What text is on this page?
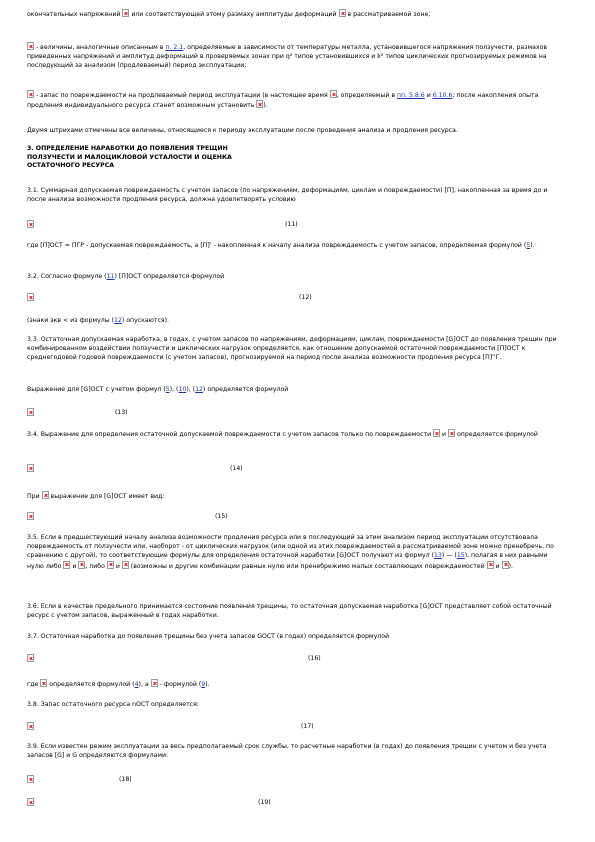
окончательных напряжений или соответствующей этому размаху амплитуды деформаций в рассматриваемой зоне;
- величины, аналогичные описанным в п. 2.1, определяемые в зависимости от температуры металла, установившегося напряжения ползучести, размахов приведенных напряжений и амплитуд деформаций в проверяемых зонах при q² типов установившихся и k² типов циклических прогнозируемых режимов на последующий за анализом (продлеваемый) период эксплуатации;
- запас по повреждаемости на продлеваемый период эксплуатации (в настоящее время , определяемый в пп. 5.8.6 и 6.10.6; после накопления опыта продления индивидуального ресурса станет возможным установить ).
Двумя штрихами отмечены все величины, относящиеся к периоду эксплуатации после проведения анализа и продления ресурса.
3. ОПРЕДЕЛЕНИЕ НАРАБОТКИ ДО ПОЯВЛЕНИЯ ТРЕЩИН
ПОЛЗУЧЕСТИ И МАЛОЦИКЛОВОЙ УСТАЛОСТИ И ОЦЕНКА
ОСТАТОЧНОГО РЕСУРСА
3.1. Суммарная допускаемая повреждаемость с учетом запасов (по напряжениям, деформациям, циклам и повреждаемости) [П], накопленная за время до и после анализа возможности продления ресурса, должна удовлетворять условию
(11)
где [П]ОСТ = ПГР - допускаемая повреждаемость, а [П]' - накопленная к началу анализа повреждаемость с учетом запасов, определяемая формулой (5).
3.2. Согласно формуле (11) [П]ОСТ определяется формулой
(12)
(знаки экв < из формулы (12) опускаются).
3.3. Остаточная допускаемая наработка, в годах, с учетом запасов по напряжениям, деформациям, циклам, повреждаемости [G]ОСТ до появления трещин при комбинированном воздействии ползучести и циклических нагрузок определяется, как отношение допускаемой остаточной повреждаемости [П]ОСТ к среднегодовой годовой повреждаемости (с учетом запасов), прогнозируемой на период после анализа возможности продления ресурса [П]''Г.
Выражение для [G]ОСТ с учетом формул (5), (10), (12) определяется формулой
(13)
3.4. Выражение для определения остаточной допускаемой повреждаемости с учетом запасов только по повреждаемости и определяется формулой
(14)
При выражение для [G]ОСТ имеет вид:
(15)
3.5. Если в предшествующий началу анализа возможности продления ресурса или в последующий за этим анализом период эксплуатации отсутствовала повреждаемость от ползучести или, наоборот - от циклических нагрузок (или одной из этих повреждаемостей в рассматриваемой зоне можно пренебречь, по сравнению с другой), то соответствующие формулы для определения остаточной наработки [G]ОСТ получают из формул (13) — (15), полагая в них равными нулю либо и , либо и (возможны и другие комбинации равных нулю или пренебрежимо малых составляющих повреждаемостей и ).
3.6. Если в качестве предельного принимается состояние появления трещины, то остаточная допускаемая наработка [G]ОСТ представляет собой остаточный ресурс с учетом запасов, выраженный в годах наработки.
3.7. Остаточная наработка до появления трещины без учета запасов GОСТ (в годах) определяется формулой
(16)
где определяется формулой (4), а - формулой (9).
3.8. Запас остаточного ресурса nОСТ определяется:
(17)
3.9. Если известен режим эксплуатации за весь предполагаемый срок службы, то расчетные наработки (в годах) до появления трещин с учетом и без учета запасов [G] и G определяются формулами:
(18)
(19)
